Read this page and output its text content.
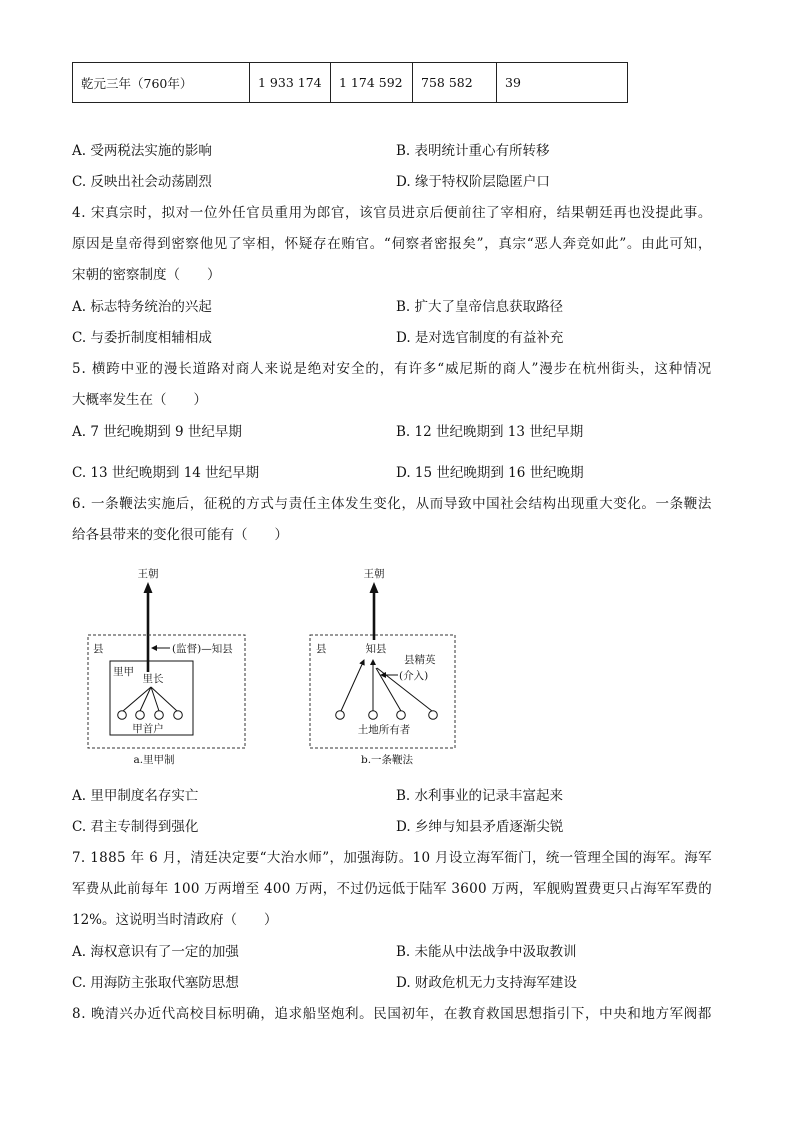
乾元三年（760年）	1 933 174	1 174 592	758 582	39
A. 受两税法实施的影响	B. 表明统计重心有所转移
C. 反映出社会动荡剧烈	D. 缘于特权阶层隐匿户口
4. 宋真宗时，拟对一位外任官员重用为郎官，该官员进京后便前往了宰相府，结果朝廷再也没提此事。
原因是皇帝得到密察他见了宰相，怀疑存在贿官。“伺察者密报矣”，真宗“恶人奔竞如此”。由此可知，
宋朝的密察制度（　　）
A. 标志特务统治的兴起	B. 扩大了皇帝信息获取路径
C. 与委折制度相辅相成	D. 是对选官制度的有益补充
5. 横跨中亚的漫长道路对商人来说是绝对安全的，有许多“威尼斯的商人”漫步在杭州街头，这种情况
大概率发生在（　　）
A. 7 世纪晚期到 9 世纪早期	B. 12 世纪晚期到 13 世纪早期
C. 13 世纪晚期到 14 世纪早期	D. 15 世纪晚期到 16 世纪晚期
6. 一条鞭法实施后，征税的方式与责任主体发生变化，从而导致中国社会结构出现重大变化。一条鞭法
给各县带来的变化很可能有（　　）
王朝
县	(监督)—知县
里甲
里长
甲首户
a.里甲制
王朝
县	知县
县精英
(介入)
土地所有者
b.一条鞭法
A. 里甲制度名存实亡	B. 水利事业的记录丰富起来
C. 君主专制得到强化	D. 乡绅与知县矛盾逐渐尖锐
7. 1885 年 6 月，清廷决定要“大治水师”，加强海防。10 月设立海军衙门，统一管理全国的海军。海军
军费从此前每年 100 万两增至 400 万两，不过仍远低于陆军 3600 万两，军舰购置费更只占海军军费的
12%。这说明当时清政府（　　）
A. 海权意识有了一定的加强	B. 未能从中法战争中汲取教训
C. 用海防主张取代塞防思想	D. 财政危机无力支持海军建设
8. 晚清兴办近代高校目标明确，追求船坚炮利。民国初年，在教育救国思想指引下，中央和地方军阀都
